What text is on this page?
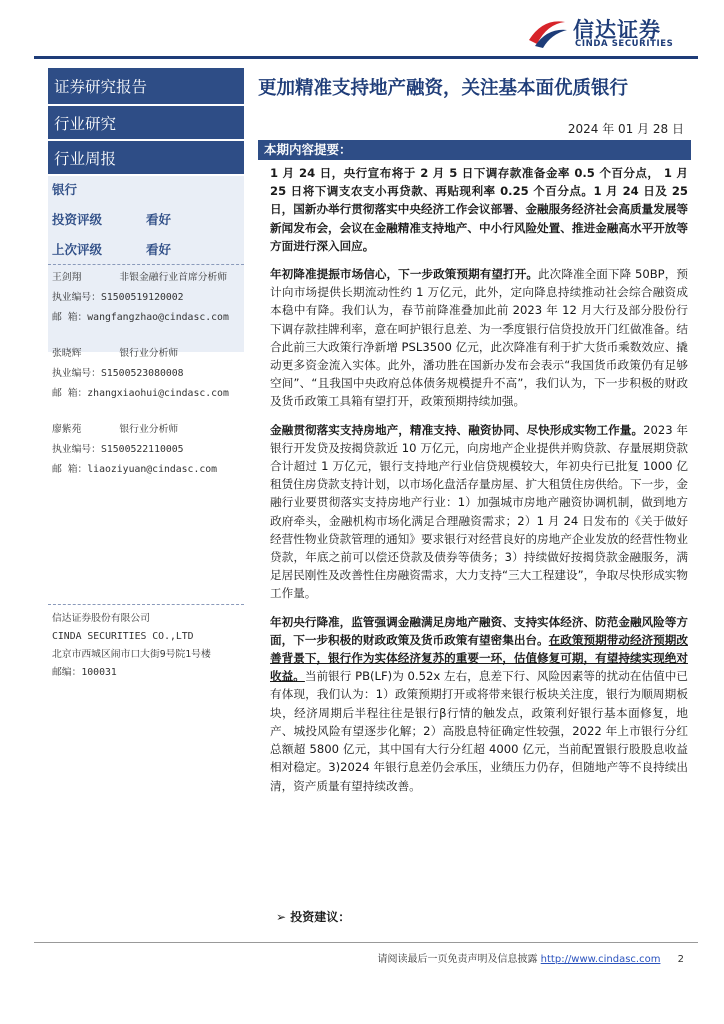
信达证券
CINDA SECURITIES
证券研究报告
行业研究
行业周报
银行
投资评级	看好
上次评级	看好
王剑翔	非银金融行业首席分析师
执业编号：S1500519120002
邮 箱：wangfangzhao@cindasc.com
张晓辉	银行业分析师
执业编号：S1500523080008
邮 箱：zhangxiaohui@cindasc.com
廖紫苑	银行业分析师
执业编号：S1500522110005
邮 箱：liaoziyuan@cindasc.com
信达证券股份有限公司
CINDA SECURITIES CO.,LTD
北京市西城区闹市口大街9号院1号楼
邮编：100031
更加精准支持地产融资，关注基本面优质银行
2024 年 01 月 28 日
本期内容提要：

1 月 24 日，央行宣布将于 2 月 5 日下调存款准备金率 0.5 个百分点， 1 月 25 日将下调支农支小再贷款、再贴现利率 0.25 个百分点。1 月 24 日及 25 日，国新办举行贯彻落实中央经济工作会议部署、金融服务经济社会高质量发展等新闻发布会，会议在金融精准支持地产、中小行风险处置、推进金融高水平开放等方面进行深入回应。

年初降准提振市场信心，下一步政策预期有望打开。此次降准全面下降 50BP，预计向市场提供长期流动性约 1 万亿元，此外，定向降息持续推动社会综合融资成本稳中有降。我们认为，春节前降准叠加此前 2023 年 12 月大行及部分股份行下调存款挂牌利率，意在呵护银行息差、为一季度银行信贷投放开门红做准备。结合此前三大政策行净新增 PSL3500 亿元，此次降准有利于扩大货币乘数效应、撬动更多资金流入实体。此外，潘功胜在国新办发布会表示“我国货币政策仍有足够空间”、“且我国中央政府总体债务规模提升不高”，我们认为，下一步积极的财政及货币政策工具箱有望打开，政策预期持续加强。

金融贯彻落实支持房地产，精准支持、融资协同、尽快形成实物工作量。2023 年银行开发贷及按揭贷款近 10 万亿元，向房地产企业提供并购贷款、存量展期贷款合计超过 1 万亿元，银行支持地产行业信贷规模较大，年初央行已批复 1000 亿租赁住房贷款支持计划，以市场化盘活存量房屋、扩大租赁住房供给。下一步，金融行业要贯彻落实支持房地产行业：1）加强城市房地产融资协调机制，做到地方政府牵头，金融机构市场化满足合理融资需求；2）1 月 24 日发布的《关于做好经营性物业贷款管理的通知》要求银行对经营良好的房地产企业发放的经营性物业贷款，年底之前可以偿还贷款及债券等债务；3）持续做好按揭贷款金融服务，满足居民刚性及改善性住房融资需求，大力支持“三大工程建设”，争取尽快形成实物工作量。

年初央行降准，监管强调金融满足房地产融资、支持实体经济、防范金融风险等方面，下一步积极的财政政策及货币政策有望密集出台。在政策预期带动经济预期改善背景下，银行作为实体经济复苏的重要一环，估值修复可期，有望持续实现绝对收益。当前银行 PB(LF)为 0.52x 左右，息差下行、风险因素等的扰动在估值中已有体现，我们认为：1）政策预期打开或将带来银行板块关注度，银行为顺周期板块，经济周期后半程往往是银行β行情的触发点，政策利好银行基本面修复，地产、城投风险有望逐步化解；2）高股息特征确定性较强，2022 年上市银行分红总额超 5800 亿元，其中国有大行分红超 4000 亿元，当前配置银行股股息收益相对稳定。3)2024 年银行息差仍会承压，业绩压力仍存，但随地产等不良持续出清，资产质量有望持续改善。

➢ 投资建议：
请阅读最后一页免责声明及信息披露 http://www.cindasc.com 2
